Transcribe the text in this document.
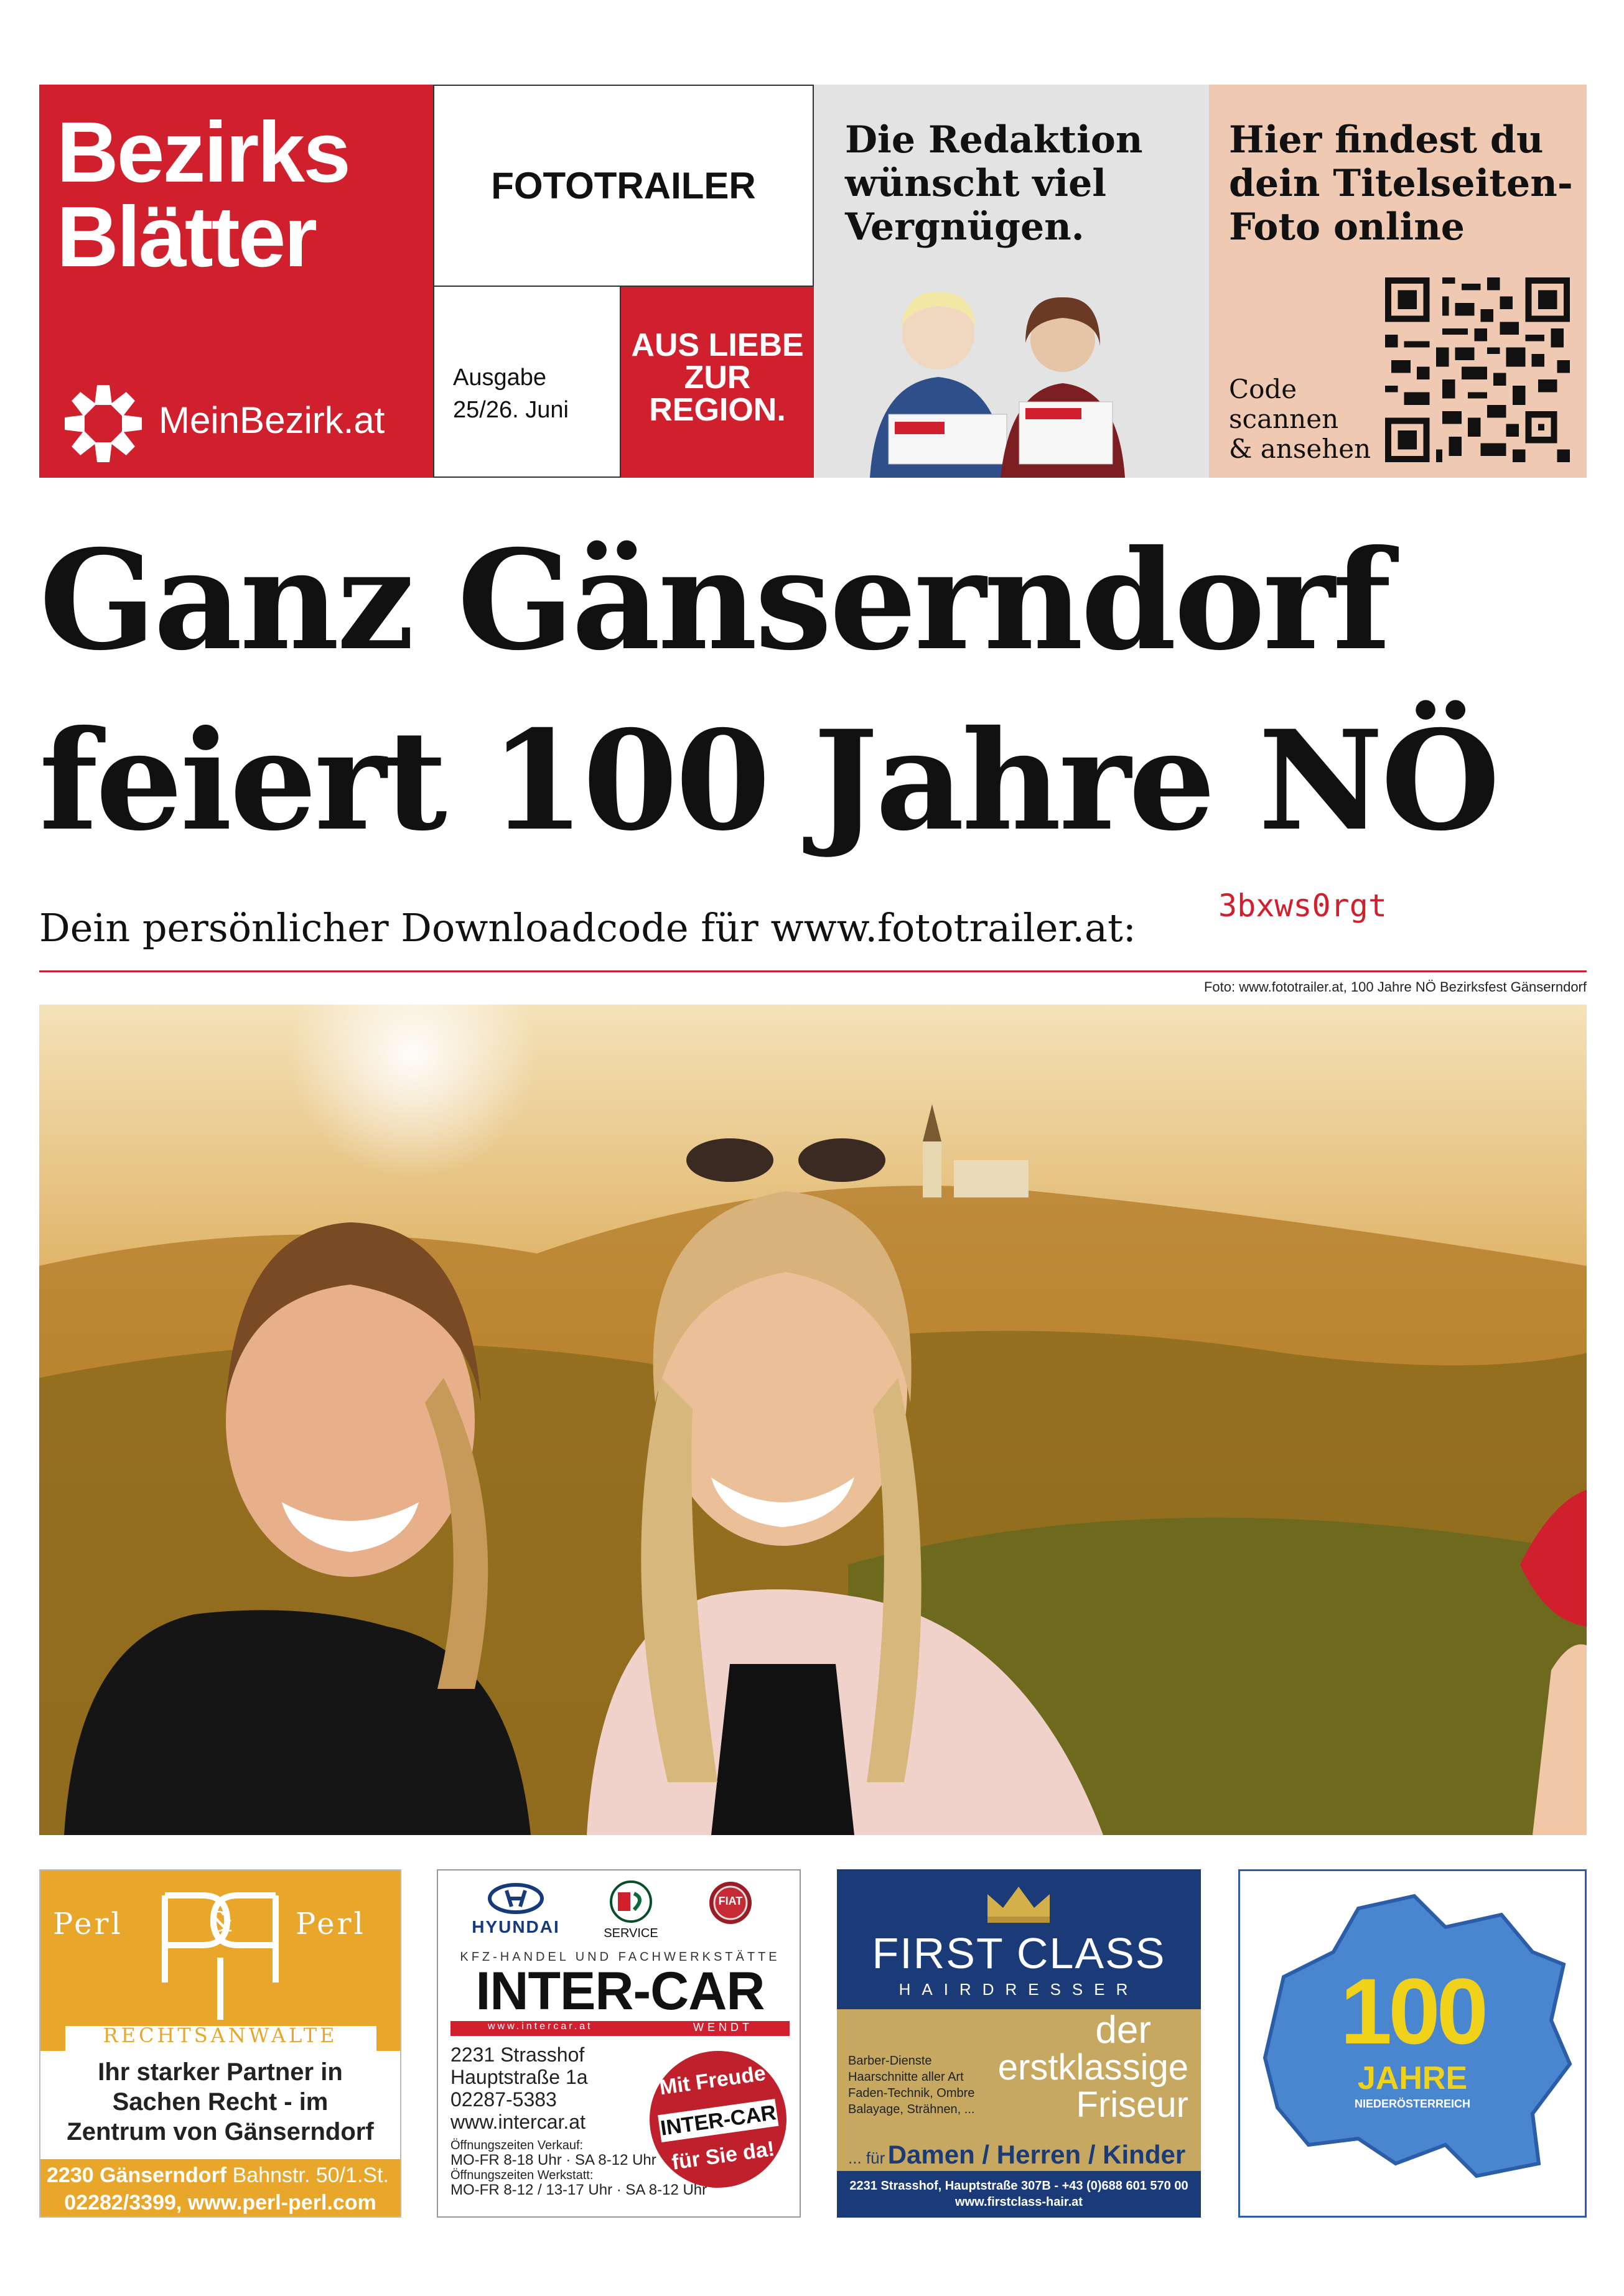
Bezirks
Blätter
MeinBezirk.at
FOTOTRAILER
Ausgabe
25/26. Juni
AUS LIEBE
ZUR
REGION.
Die Redaktion
wünscht viel
Vergnügen.
Hier findest du
dein Titelseiten-
Foto online
Code
scannen
& ansehen
Ganz Gänserndorf
feiert 100 Jahre NÖ
Dein persönlicher Downloadcode für www.fototrailer.at:	3bxws0rgt
Foto: www.fototrailer.at, 100 Jahre NÖ Bezirksfest Gänserndorf
Perl	& Perl
RECHTSANWÄLTE
Ihr starker Partner in
Sachen Recht - im
Zentrum von Gänserndorf
2230 Gänserndorf Bahnstr. 50/1.St.
02282/3399, www.perl-perl.com
HYUNDAI	SERVICE
FIAT
KFZ-HANDEL UND FACHWERKSTÄTTE
INTER-CAR
www.intercar.at	WENDT
2231 Strasshof
Hauptstraße 1a
02287-5383
www.intercar.at
Öffnungszeiten Verkauf:
MO-FR 8-18 Uhr · SA 8-12 Uhr
Öffnungszeiten Werkstatt:
MO-FR 8-12 / 13-17 Uhr · SA 8-12 Uhr
Mit Freude
INTER-CAR
für Sie da!
FIRST CLASS
HAIRDRESSER
Barber-Dienste
Haarschnitte aller Art
Faden-Technik, Ombre
Balayage, Strähnen, ...
der
erstklassige
Friseur
... für Damen / Herren / Kinder
2231 Strasshof, Hauptstraße 307B - +43 (0)688 601 570 00
www.firstclass-hair.at
100
JAHRE
NIEDERÖSTERREICH
